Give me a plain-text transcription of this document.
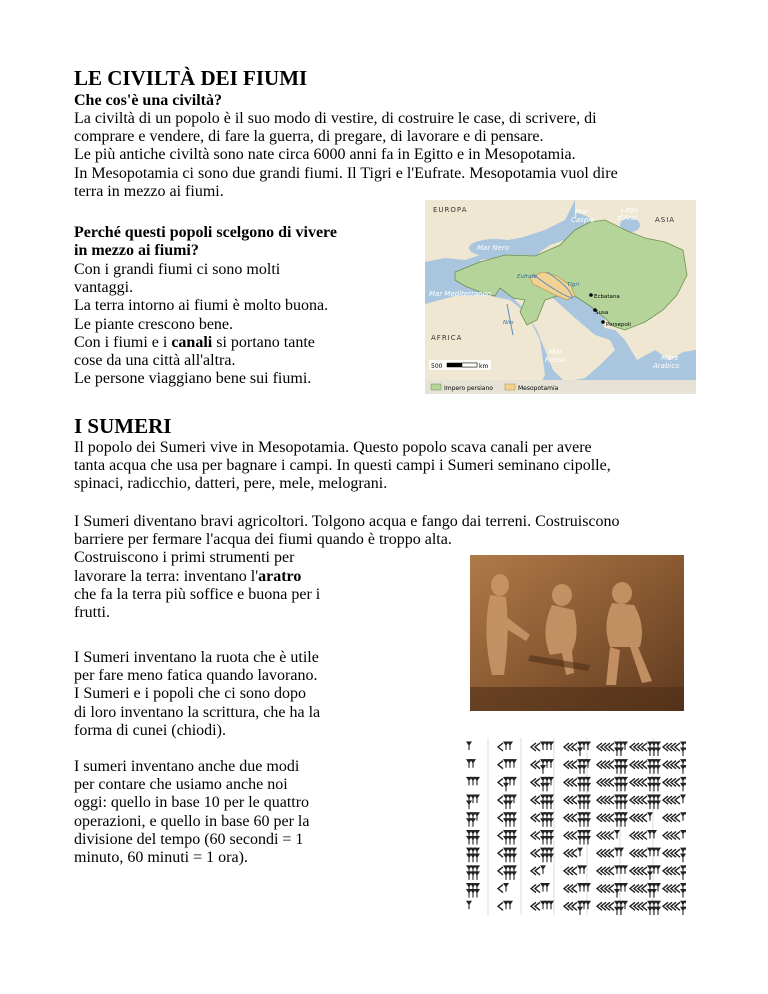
LE CIVILTÀ DEI FIUMI
Che cos'è una civiltà?
La civiltà di un popolo è il suo modo di vestire, di costruire le case, di scrivere, di
comprare e vendere, di fare la guerra, di pregare, di lavorare e di pensare.
Le più antiche civiltà sono nate circa 6000 anni fa in Egitto e in Mesopotamia.
In Mesopotamia ci sono due grandi fiumi. Il Tigri e l'Eufrate. Mesopotamia vuol dire
terra in mezzo ai fiumi.
Perché questi popoli scelgono di vivere
in mezzo ai fiumi?
Con i grandi fiumi ci sono molti
vantaggi.
La terra intorno ai fiumi è molto buona.
Le piante crescono bene.
Con i fiumi e i canali si portano tante
cose da una città all'altra.
Le persone viaggiano bene sui fiumi.
EUROPA
ASIA
Mar
Caspio
Lago
d'Aral
Mar Nero
Mar Mediterraneo
Eufrate
Tigri
Nilo
Ecbatana
Susa
Persepoli
AFRICA
Mar
Rosso	Mare
Arabico
500	km
Impero persiano	Mesopotamia
I SUMERI
Il popolo dei Sumeri vive in Mesopotamia. Questo popolo scava canali per avere
tanta acqua che usa per bagnare i campi. In questi campi i Sumeri seminano cipolle,
spinaci, radicchio, datteri, pere, mele, melograni.
I Sumeri diventano bravi agricoltori. Tolgono acqua e fango dai terreni. Costruiscono
barriere per fermare l'acqua dei fiumi quando è troppo alta.
Costruiscono i primi strumenti per
lavorare la terra: inventano l'aratro
che fa la terra più soffice e buona per i
frutti.
I Sumeri inventano la ruota che è utile
per fare meno fatica quando lavorano.
I Sumeri e i popoli che ci sono dopo
di loro inventano la scrittura, che ha la
forma di cunei (chiodi).
I sumeri inventano anche due modi
per contare che usiamo anche noi
oggi: quello in base 10 per le quattro
operazioni, e quello in base 60 per la
divisione del tempo (60 secondi = 1
minuto, 60 minuti = 1 ora).
